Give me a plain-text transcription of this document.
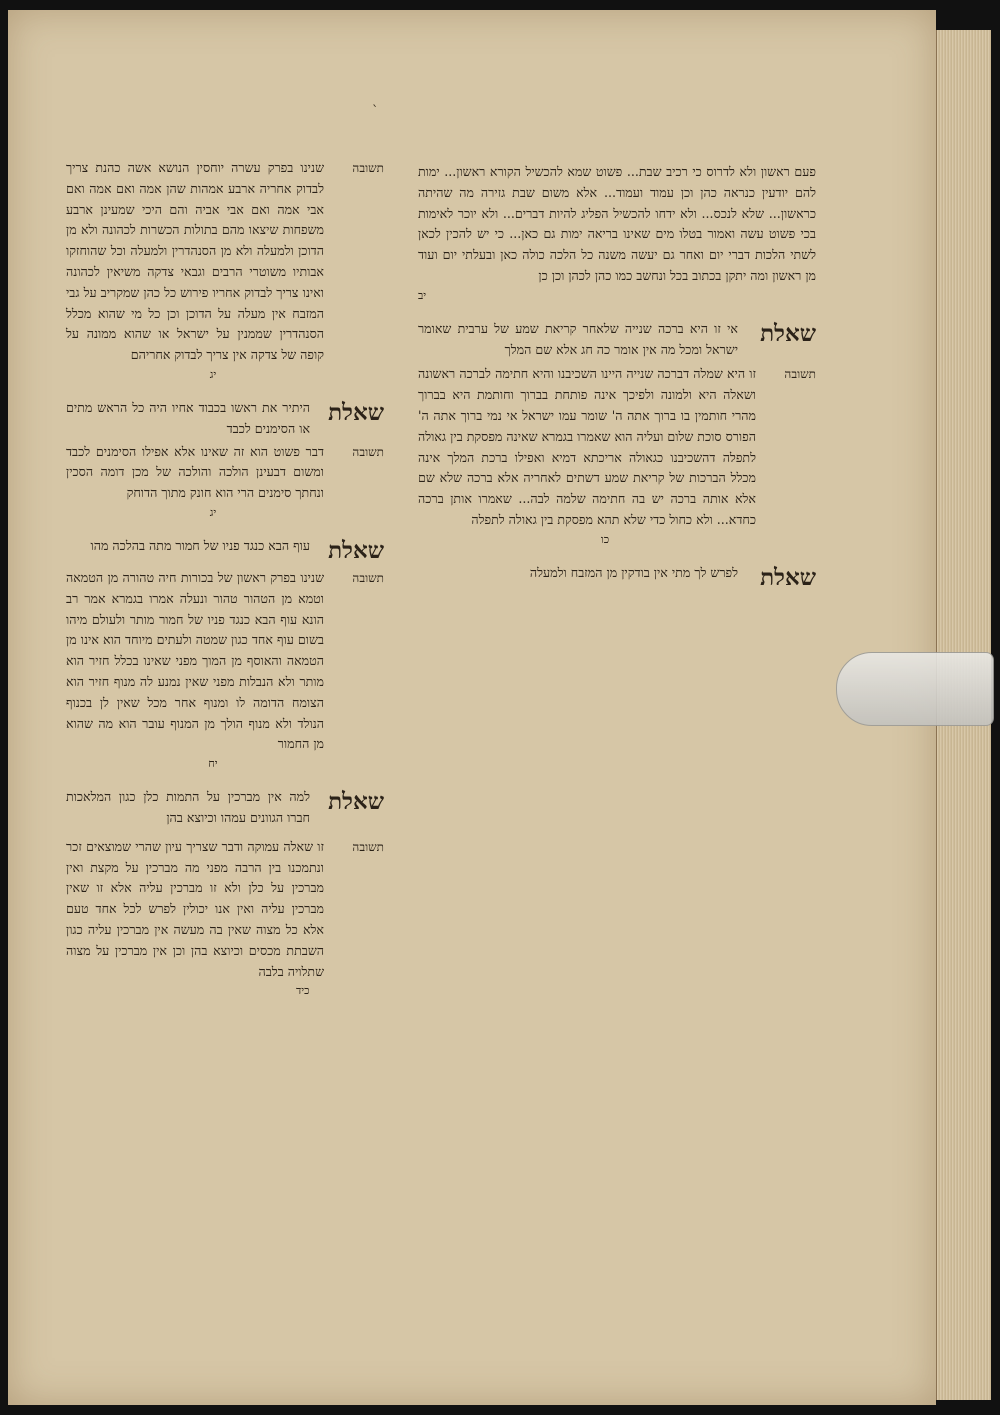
`

פעם ראשון ולא לדרוס כי רכיב שבת... פשוט שמא להכשיל הקורא ראשון... ימות להם יודעין כנראה כהן וכן עמוד ועמוד... אלא משום שבת גזירה מה שהיתה כראשון... שלא לנכס... ולא ידחו להכשיל הפליג להיות דברים... ולא יוכר לאימות בכי פשוט עשה ואמור בטלו מים שאינו בריאה ימות גם כאן... כי יש להכין לכאן לשתי הלכות דברי יום ואחר גם יעשה משנה כל הלכה כולה כאן ובעלתי יום ועוד מן ראשון ומה יתקן בכתוב בכל ונחשב כמו כהן לכהן וכן כן

יב

שאלת

אי זו היא ברכה שנייה שלאחר קריאת שמע של ערבית שאומר ישראל ומכל מה אין אומר כה חג אלא שם המלך

תשובה

זו היא שמלה דברכה שנייה היינו השכיבנו והיא חתימה לברכה ראשונה ושאלה היא ולמונה ולפיכך אינה פותחת בברוך וחותמת היא בברוך מהרי חותמין בו ברוך אתה ה' שומר עמו ישראל אי נמי ברוך אתה ה' הפורס סוכת שלום ועליה הוא שאמרו בגמרא שאינה מפסקת בין גאולה לתפלה דהשכיבנו כגאולה אריכתא דמיא ואפילו ברכת המלך אינה מכלל הברכות של קריאת שמע דשתים לאחריה אלא ברכה שלא שם אלא אותה ברכה יש בה חתימה שלמה לבה... שאמרו אותן ברכה כחדא... ולא כחול כדי שלא תהא מפסקת בין גאולה לתפלה

כו

שאלת

לפרש לך מתי אין בודקין מן המזבח ולמעלה

תשובה

שנינו בפרק עשרה יוחסין הנושא אשה כהנת צריך לבדוק אחריה ארבע אמהות שהן אמה ואם אמה ואם אבי אמה ואם אבי אביה והם היכי שמעינן ארבע משפחות שיצאו מהם בתולות הכשרות לכהונה ולא מן הדוכן ולמעלה ולא מן הסנהדרין ולמעלה וכל שהוחזקו אבותיו משוטרי הרבים וגבאי צדקה משיאין לכהונה ואינו צריך לבדוק אחריו פירוש כל כהן שמקריב על גבי המזבח אין מעלה על הדוכן וכן כל מי שהוא מכלל הסנהדרין שממנין על ישראל או שהוא ממונה על קופה של צדקה אין צריך לבדוק אחריהם

יג

שאלת

היתיר את ראשו בכבוד אחיו היה כל הראש מתים או הסימנים לכבד

תשובה

דבר פשוט הוא זה שאינו אלא אפילו הסימנים לכבד ומשום דבעינן הולכה והולכה של מכן דומה הסכין ונחתך סימנים הרי הוא חונק מתוך הדוחק

יג

שאלת

עוף הבא כנגד פניו של חמור מתה בהלכה מהו

תשובה

שנינו בפרק ראשון של בכורות חיה טהורה מן הטמאה וטמא מן הטהור טהור ונעלה אמרו בגמרא אמר רב הונא עוף הבא כנגד פניו של חמור מותר ולעולם מיהו בשום עוף אחד כגון שמטה ולעתים מיוחד הוא אינו מן הטמאה והאוסף מן המוך מפני שאינו בכלל חזיר הוא מותר ולא הנבלות מפני שאין נמנע לה מנוף חזיר הוא הצומח הדומה לו ומנוף אחר מכל שאין לן בכנוף הנולד ולא מנוף הולך מן המנוף עובר הוא מה שהוא מן החמור

יח

שאלת

למה אין מברכין על התמות כלן כגון המלאכות חברו הגוונים עמהו וכיוצא בהן

תשובה

זו שאלה עמוקה ודבר שצריך עיון שהרי שמוצאים זכר ונתמכנו בין הרבה מפני מה מברכין על מקצת ואין מברכין על כלן ולא זו מברכין עליה אלא זו שאין מברכין עליה ואין אנו יכולין לפרש לכל אחד טעם אלא כל מצוה שאין בה מעשה אין מברכין עליה כגון השבתת מכסים וכיוצא בהן וכן אין מברכין על מצוה שתלויה בלבה

כיד
